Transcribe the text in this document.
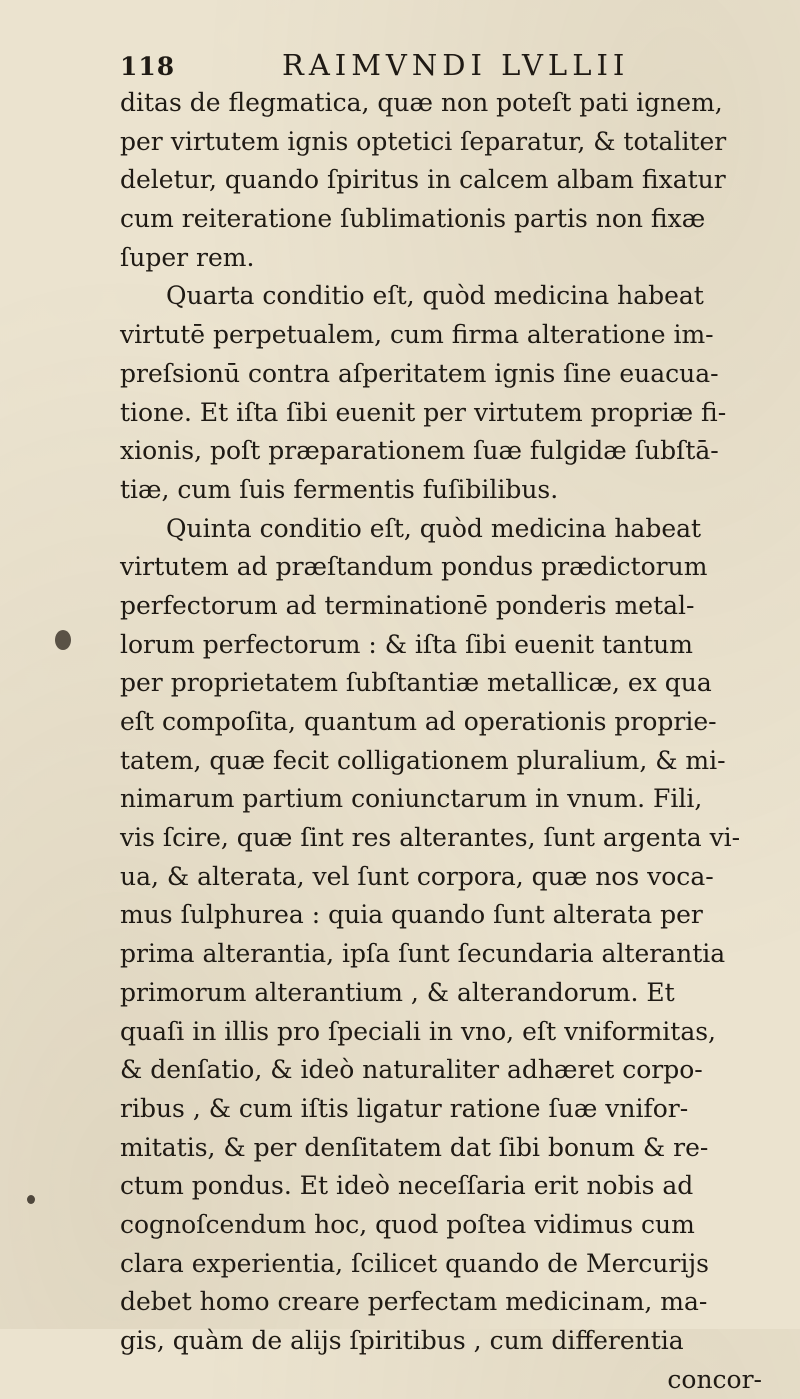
118	RAIMVNDI LVLLII
ditas de flegmatica, quæ non poteſt pati ignem,
per virtutem ignis optetici ſeparatur, & totaliter
deletur, quando ſpiritus in calcem albam fixatur
cum reiteratione ſublimationis partis non fixæ
ſuper rem.
Quarta conditio eſt, quòd medicina habeat
virtutē perpetualem, cum firma alteratione im-
preſsionū contra aſperitatem ignis ſine euacua-
tione. Et iſta ſibi euenit per virtutem propriæ fi-
xionis, poſt præparationem ſuæ fulgidæ ſubſtā-
tiæ, cum ſuis fermentis fuſibilibus.
Quinta conditio eſt, quòd medicina habeat
virtutem ad præſtandum pondus prædictorum
perfectorum ad terminationē ponderis metal-
lorum perfectorum : & iſta ſibi euenit tantum
per proprietatem ſubſtantiæ metallicæ, ex qua
eſt compoſita, quantum ad operationis proprie-
tatem, quæ fecit colligationem pluralium, & mi-
nimarum partium coniunctarum in vnum. Fili,
vis ſcire, quæ ſint res alterantes, ſunt argenta vi-
ua, & alterata, vel ſunt corpora, quæ nos voca-
mus ſulphurea : quia quando ſunt alterata per
prima alterantia, ipſa ſunt ſecundaria alterantia
primorum alterantium , & alterandorum. Et
quaſi in illis pro ſpeciali in vno, eſt vniformitas,
& denſatio, & ideò naturaliter adhæret corpo-
ribus , & cum iſtis ligatur ratione ſuæ vnifor-
mitatis, & per denſitatem dat ſibi bonum & re-
ctum pondus. Et ideò neceſſaria erit nobis ad
cognoſcendum hoc, quod poſtea vidimus cum
clara experientia, ſcilicet quando de Mercurijs
debet homo creare perfectam medicinam, ma-
gis, quàm de alijs ſpiritibus , cum differentia
concor-
